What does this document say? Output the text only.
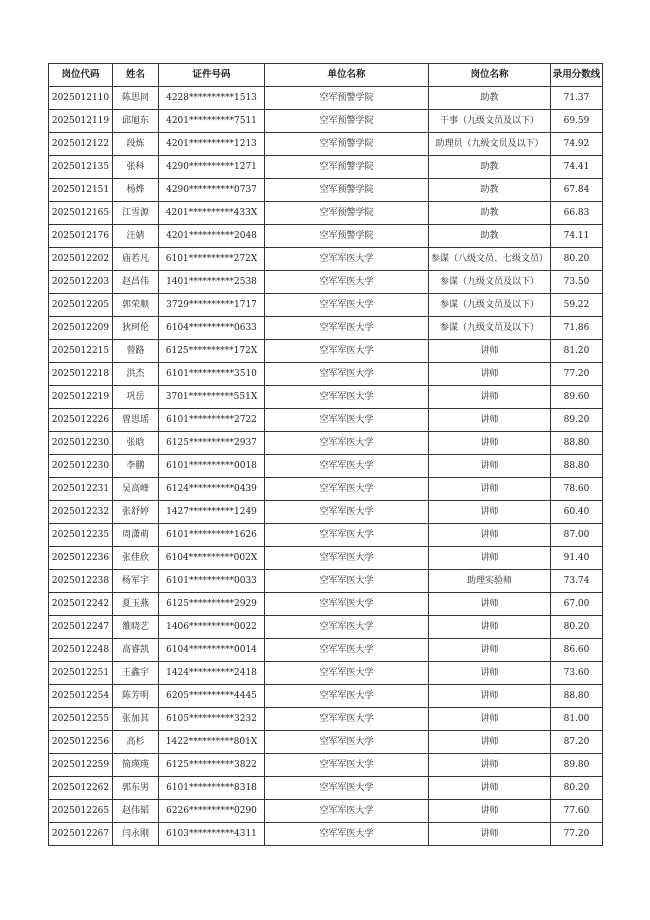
岗位代码	姓名	证件号码	单位名称	岗位名称	录用分数线
2025012110	陈思同	4228**********1513	空军预警学院	助教	71.37
2025012119	邱旭东	4201**********7511	空军预警学院	干事（九级文员及以下）	69.59
2025012122	段炼	4201**********1213	空军预警学院	助理员（九级文员及以下）	74.92
2025012135	张科	4290**********1271	空军预警学院	助教	74.41
2025012151	杨烨	4290**********0737	空军预警学院	助教	67.84
2025012165	江雪源	4201**********433X	空军预警学院	助教	66.83
2025012176	汪婧	4201**********2048	空军预警学院	助教	74.11
2025012202	庙若凡	6101**********272X	空军军医大学	参谋（八级文员、七级文员）	80.20
2025012203	赵昌伟	1401**********2538	空军军医大学	参谋（九级文员及以下）	73.50
2025012205	郭荣顺	3729**********1717	空军军医大学	参谋（九级文员及以下）	59.22
2025012209	狄珂伦	6104**********0633	空军军医大学	参谋（九级文员及以下）	71.86
2025012215	曾路	6125**********172X	空军军医大学	讲师	81.20
2025012218	洪杰	6101**********3510	空军军医大学	讲师	77.20
2025012219	巩岳	3701**********551X	空军军医大学	讲师	89.60
2025012226	曾思瑶	6101**********2722	空军军医大学	讲师	89.20
2025012230	张晗	6125**********2937	空军军医大学	讲师	88.80
2025012230	李鹏	6101**********0018	空军军医大学	讲师	88.80
2025012231	吴高峰	6124**********0439	空军军医大学	讲师	78.60
2025012232	张舒婷	1427**********1249	空军军医大学	讲师	60.40
2025012235	周潇萌	6101**********1626	空军军医大学	讲师	87.00
2025012236	张佳欣	6104**********002X	空军军医大学	讲师	91.40
2025012238	杨军宇	6101**********0033	空军军医大学	助理实验师	73.74
2025012242	夏玉燕	6125**********2929	空军军医大学	讲师	67.00
2025012247	雒晓艺	1406**********0022	空军军医大学	讲师	80.20
2025012248	高睿凯	6104**********0014	空军军医大学	讲师	86.60
2025012251	王鑫宇	1424**********2418	空军军医大学	讲师	73.60
2025012254	陈芳明	6205**********4445	空军军医大学	讲师	88.80
2025012255	张加其	6105**********3232	空军军医大学	讲师	81.00
2025012256	高杉	1422**********801X	空军军医大学	讲师	87.20
2025012259	简瑛瑛	6125**********3822	空军军医大学	讲师	89.80
2025012262	郭东男	6101**********8318	空军军医大学	讲师	80.20
2025012265	赵伟韬	6226**********0290	空军军医大学	讲师	77.60
2025012267	闫永刚	6103**********4311	空军军医大学	讲师	77.20
